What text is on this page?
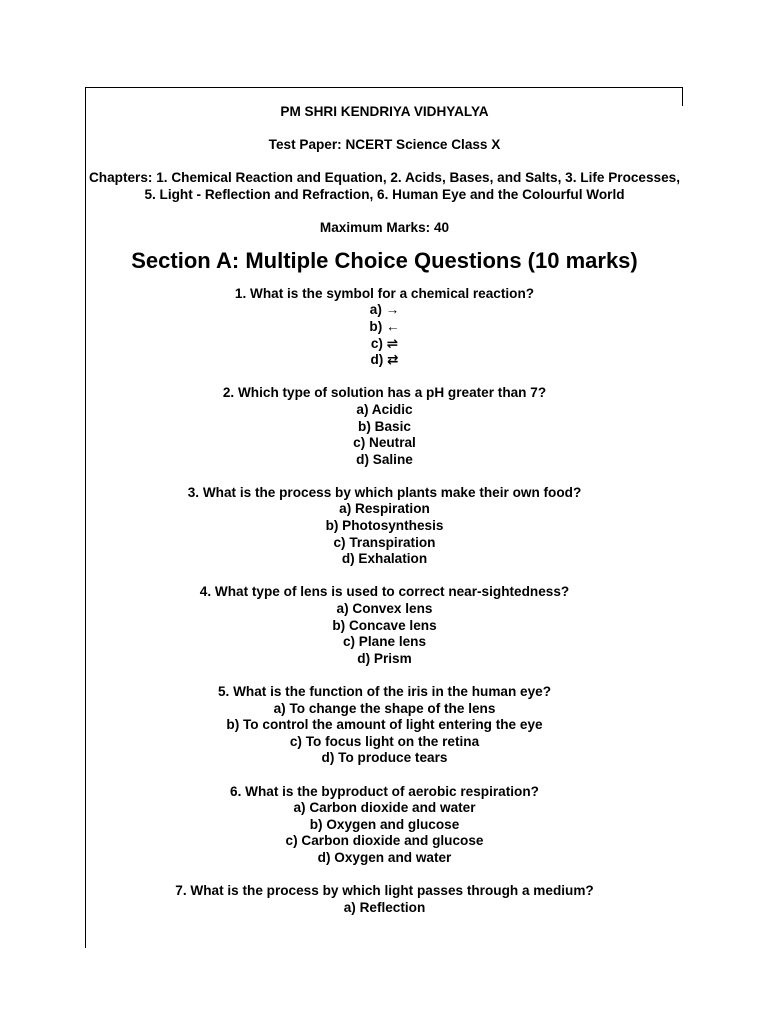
PM SHRI KENDRIYA VIDHYALYA

Test Paper: NCERT Science Class X

Chapters: 1. Chemical Reaction and Equation, 2. Acids, Bases, and Salts, 3. Life Processes, 5. Light - Reflection and Refraction, 6. Human Eye and the Colourful World

Maximum Marks: 40

Section A: Multiple Choice Questions (10 marks)
1. What is the symbol for a chemical reaction?
a) →
b) ←
c) ⇌
d) ⇄
2. Which type of solution has a pH greater than 7?
a) Acidic
b) Basic
c) Neutral
d) Saline
3. What is the process by which plants make their own food?
a) Respiration
b) Photosynthesis
c) Transpiration
d) Exhalation
4. What type of lens is used to correct near-sightedness?
a) Convex lens
b) Concave lens
c) Plane lens
d) Prism
5. What is the function of the iris in the human eye?
a) To change the shape of the lens
b) To control the amount of light entering the eye
c) To focus light on the retina
d) To produce tears
6. What is the byproduct of aerobic respiration?
a) Carbon dioxide and water
b) Oxygen and glucose
c) Carbon dioxide and glucose
d) Oxygen and water
7. What is the process by which light passes through a medium?
a) Reflection
